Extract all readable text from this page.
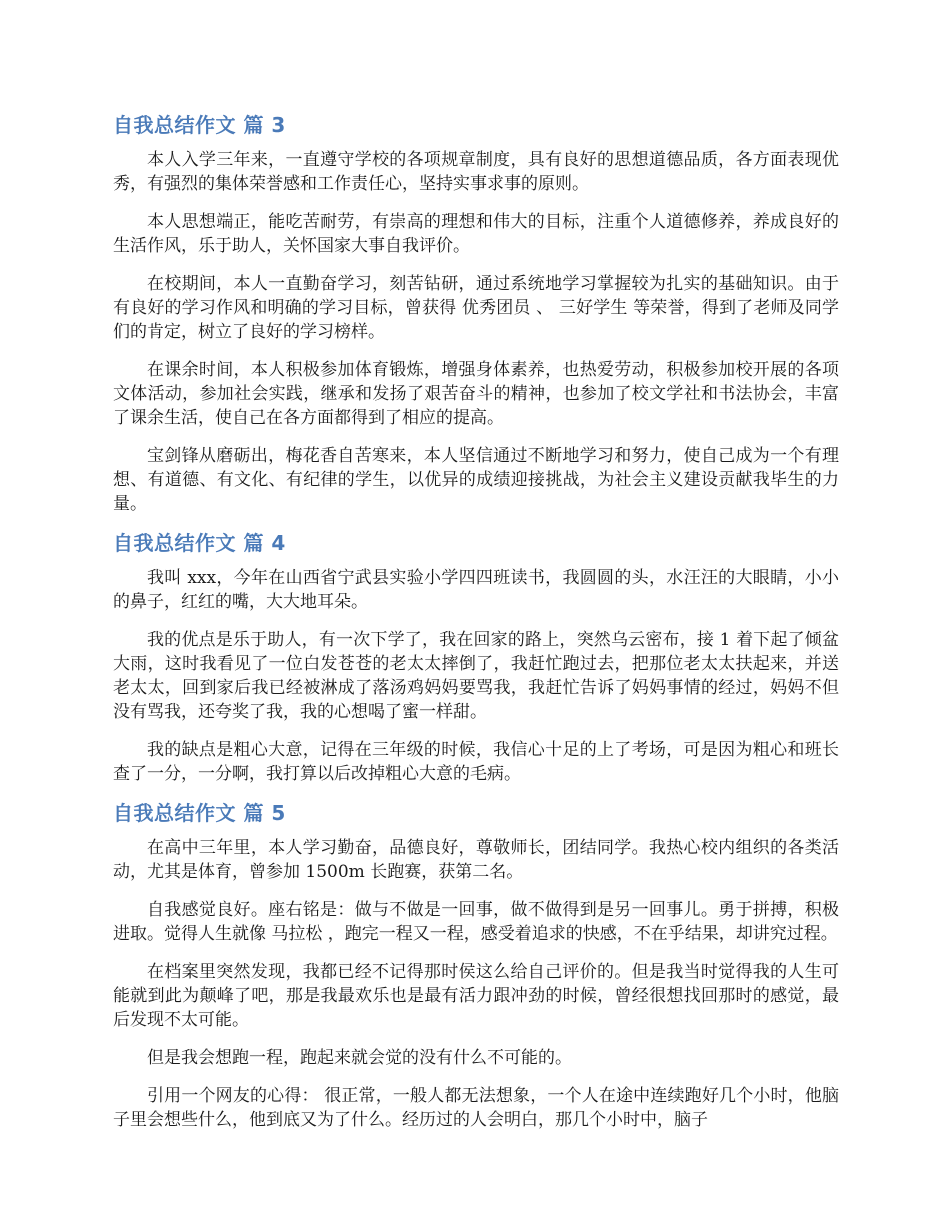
自我总结作文 篇 3

本人入学三年来，一直遵守学校的各项规章制度，具有良好的思想道德品质，各方面表现优秀，有强烈的集体荣誉感和工作责任心，坚持实事求事的原则。

本人思想端正，能吃苦耐劳，有崇高的理想和伟大的目标，注重个人道德修养，养成良好的生活作风，乐于助人，关怀国家大事自我评价。

在校期间，本人一直勤奋学习，刻苦钻研，通过系统地学习掌握较为扎实的基础知识。由于有良好的学习作风和明确的学习目标，曾获得 优秀团员 、 三好学生 等荣誉，得到了老师及同学们的肯定，树立了良好的学习榜样。

在课余时间，本人积极参加体育锻炼，增强身体素养，也热爱劳动，积极参加校开展的各项文体活动，参加社会实践，继承和发扬了艰苦奋斗的精神，也参加了校文学社和书法协会，丰富了课余生活，使自己在各方面都得到了相应的提高。

宝剑锋从磨砺出，梅花香自苦寒来，本人坚信通过不断地学习和努力，使自己成为一个有理想、有道德、有文化、有纪律的学生，以优异的成绩迎接挑战，为社会主义建设贡献我毕生的力量。

自我总结作文 篇 4

我叫 xxx，今年在山西省宁武县实验小学四四班读书，我圆圆的头，水汪汪的大眼睛，小小的鼻子，红红的嘴，大大地耳朵。

我的优点是乐于助人，有一次下学了，我在回家的路上，突然乌云密布，接 1 着下起了倾盆大雨，这时我看见了一位白发苍苍的老太太摔倒了，我赶忙跑过去，把那位老太太扶起来，并送老太太，回到家后我已经被淋成了落汤鸡妈妈要骂我，我赶忙告诉了妈妈事情的经过，妈妈不但没有骂我，还夸奖了我，我的心想喝了蜜一样甜。

我的缺点是粗心大意，记得在三年级的时候，我信心十足的上了考场，可是因为粗心和班长查了一分，一分啊，我打算以后改掉粗心大意的毛病。

自我总结作文 篇 5

在高中三年里，本人学习勤奋，品德良好，尊敬师长，团结同学。我热心校内组织的各类活动，尤其是体育，曾参加 1500m 长跑赛，获第二名。

自我感觉良好。座右铭是：做与不做是一回事，做不做得到是另一回事儿。勇于拼搏，积极进取。觉得人生就像 马拉松 ，跑完一程又一程，感受着追求的快感，不在乎结果，却讲究过程。

在档案里突然发现，我都已经不记得那时侯这么给自己评价的。但是我当时觉得我的人生可能就到此为颠峰了吧，那是我最欢乐也是最有活力跟冲劲的时候，曾经很想找回那时的感觉，最后发现不太可能。

但是我会想跑一程，跑起来就会觉的没有什么不可能的。

引用一个网友的心得： 很正常，一般人都无法想象，一个人在途中连续跑好几个小时，他脑子里会想些什么，他到底又为了什么。经历过的人会明白，那几个小时中，脑子
